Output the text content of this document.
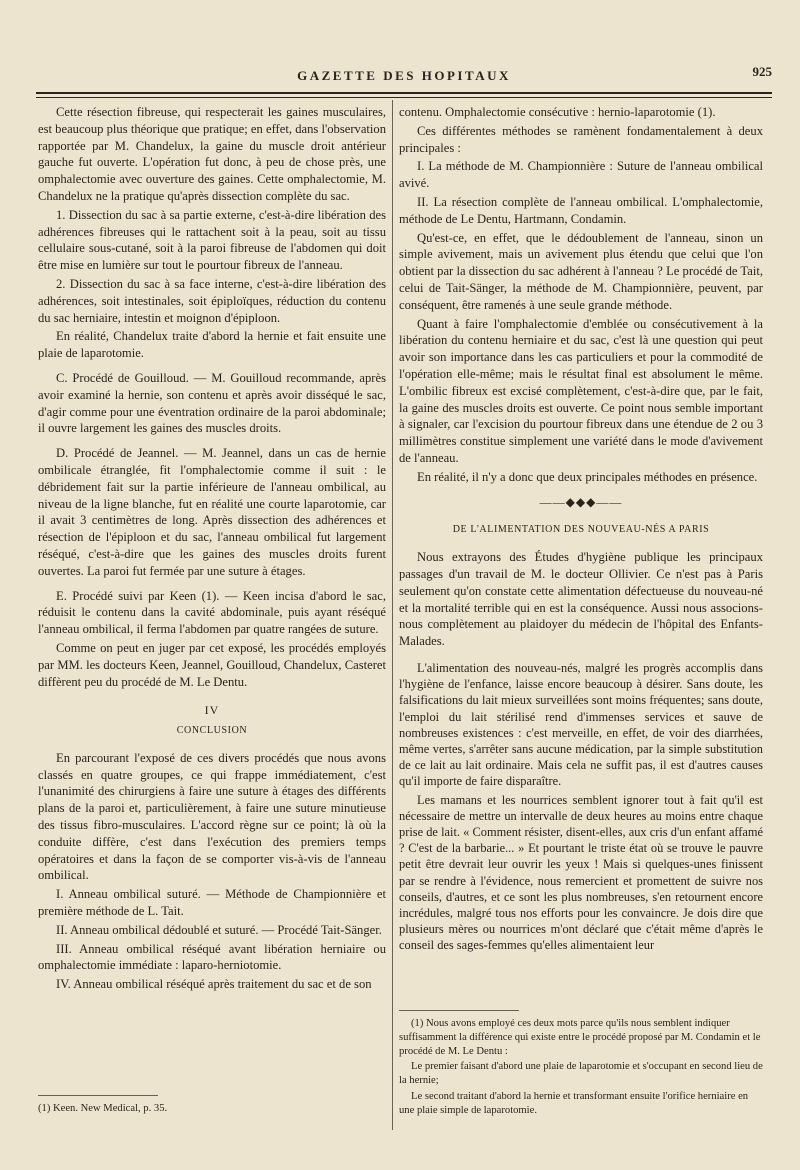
GAZETTE DES HOPITAUX	925

Cette résection fibreuse, qui respecterait les gaines musculaires, est beaucoup plus théorique que pratique; en effet, dans l'observation rapportée par M. Chandelux, la gaine du muscle droit antérieur gauche fut ouverte. L'opération fut donc, à peu de chose près, une omphalectomie avec ouverture des gaines. Cette omphalectomie, M. Chandelux ne la pratique qu'après dissection complète du sac.

1. Dissection du sac à sa partie externe, c'est-à-dire libération des adhérences fibreuses qui le rattachent soit à la peau, soit au tissu cellulaire sous-cutané, soit à la paroi fibreuse de l'abdomen qui doit être mise en lumière sur tout le pourtour fibreux de l'anneau.

2. Dissection du sac à sa face interne, c'est-à-dire libération des adhérences, soit intestinales, soit épiploïques, réduction du contenu du sac herniaire, intestin et moignon d'épiploon.

En réalité, Chandelux traite d'abord la hernie et fait ensuite une plaie de laparotomie.

C. Procédé de Gouilloud. — M. Gouilloud recommande, après avoir examiné la hernie, son contenu et après avoir disséqué le sac, d'agir comme pour une éventration ordinaire de la paroi abdominale; il ouvre largement les gaines des muscles droits.

D. Procédé de Jeannel. — M. Jeannel, dans un cas de hernie ombilicale étranglée, fit l'omphalectomie comme il suit : le débridement fait sur la partie inférieure de l'anneau ombilical, au niveau de la ligne blanche, fut en réalité une courte laparotomie, car il avait 3 centimètres de long. Après dissection des adhérences et résection de l'épiploon et du sac, l'anneau ombilical fut largement réséqué, c'est-à-dire que les gaines des muscles droits furent ouvertes. La paroi fut fermée par une suture à étages.

E. Procédé suivi par Keen (1). — Keen incisa d'abord le sac, réduisit le contenu dans la cavité abdominale, puis ayant réséqué l'anneau ombilical, il ferma l'abdomen par quatre rangées de suture.

Comme on peut en juger par cet exposé, les procédés employés par MM. les docteurs Keen, Jeannel, Gouilloud, Chandelux, Casteret diffèrent peu du procédé de M. Le Dentu.

IV
CONCLUSION

En parcourant l'exposé de ces divers procédés que nous avons classés en quatre groupes, ce qui frappe immédiatement, c'est l'unanimité des chirurgiens à faire une suture à étages des différents plans de la paroi et, particulièrement, à faire une suture minutieuse des tissus fibro-musculaires. L'accord règne sur ce point; là où la conduite diffère, c'est dans l'exécution des premiers temps opératoires et dans la façon de se comporter vis-à-vis de l'anneau ombilical.

I. Anneau ombilical suturé. — Méthode de Championnière et première méthode de L. Tait.

II. Anneau ombilical dédoublé et suturé. — Procédé Tait-Sänger.

III. Anneau ombilical réséqué avant libération herniaire ou omphalectomie immédiate : laparo-herniotomie.

IV. Anneau ombilical réséqué après traitement du sac et de son

(1) Keen. New Medical, p. 35.

contenu. Omphalectomie consécutive : hernio-laparotomie (1).

Ces différentes méthodes se ramènent fondamentalement à deux principales :

I. La méthode de M. Championnière : Suture de l'anneau ombilical avivé.

II. La résection complète de l'anneau ombilical. L'omphalectomie, méthode de Le Dentu, Hartmann, Condamin.

Qu'est-ce, en effet, que le dédoublement de l'anneau, sinon un simple avivement, mais un avivement plus étendu que celui que l'on obtient par la dissection du sac adhérent à l'anneau ? Le procédé de Tait, celui de Tait-Sänger, la méthode de M. Championnière, peuvent, par conséquent, être ramenés à une seule grande méthode.

Quant à faire l'omphalectomie d'emblée ou consécutivement à la libération du contenu herniaire et du sac, c'est là une question qui peut avoir son importance dans les cas particuliers et pour la commodité de l'opération elle-même; mais le résultat final est absolument le même. L'ombilic fibreux est excisé complètement, c'est-à-dire que, par le fait, la gaine des muscles droits est ouverte. Ce point nous semble important à signaler, car l'excision du pourtour fibreux dans une étendue de 2 ou 3 millimètres constitue simplement une variété dans le mode d'avivement de l'anneau.

En réalité, il n'y a donc que deux principales méthodes en présence.

——◆◆◆——
DE L'ALIMENTATION DES NOUVEAU-NÉS A PARIS

Nous extrayons des Études d'hygiène publique les principaux passages d'un travail de M. le docteur Ollivier. Ce n'est pas à Paris seulement qu'on constate cette alimentation défectueuse du nouveau-né et la mortalité terrible qui en est la conséquence. Aussi nous associons-nous complètement au plaidoyer du médecin de l'hôpital des Enfants-Malades.

L'alimentation des nouveau-nés, malgré les progrès accomplis dans l'hygiène de l'enfance, laisse encore beaucoup à désirer. Sans doute, les falsifications du lait mieux surveillées sont moins fréquentes; sans doute, l'emploi du lait stérilisé rend d'immenses services et sauve de nombreuses existences : c'est merveille, en effet, de voir des diarrhées, même vertes, s'arrêter sans aucune médication, par la simple substitution de ce lait au lait ordinaire. Mais cela ne suffit pas, il est d'autres causes qu'il importe de faire disparaître.

Les mamans et les nourrices semblent ignorer tout à fait qu'il est nécessaire de mettre un intervalle de deux heures au moins entre chaque prise de lait. « Comment résister, disent-elles, aux cris d'un enfant affamé ? C'est de la barbarie... » Et pourtant le triste état où se trouve le pauvre petit être devrait leur ouvrir les yeux ! Mais si quelques-unes finissent par se rendre à l'évidence, nous remercient et promettent de suivre nos conseils, d'autres, et ce sont les plus nombreuses, s'en retournent encore incrédules, malgré tous nos efforts pour les convaincre. Je dois dire que plusieurs mères ou nourrices m'ont déclaré que c'était même d'après le conseil des sages-femmes qu'elles alimentaient leur

(1) Nous avons employé ces deux mots parce qu'ils nous semblent indiquer suffisamment la différence qui existe entre le procédé proposé par M. Condamin et le procédé de M. Le Dentu :

Le premier faisant d'abord une plaie de laparotomie et s'occupant en second lieu de la hernie;

Le second traitant d'abord la hernie et transformant ensuite l'orifice herniaire en une plaie simple de laparotomie.
